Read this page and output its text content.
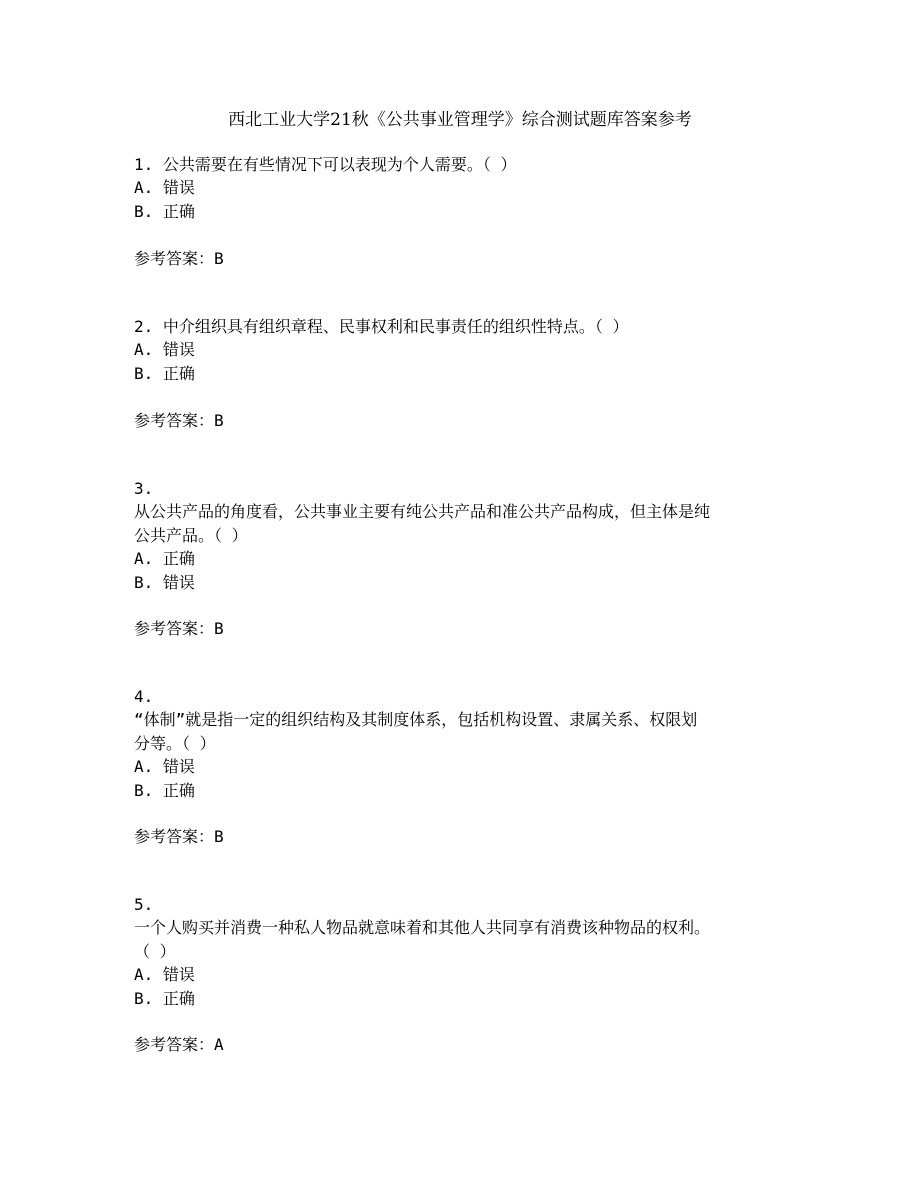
西北工业大学21秋《公共事业管理学》综合测试题库答案参考
1. 公共需要在有些情况下可以表现为个人需要。（ ）
A. 错误
B. 正确
参考答案：B
2. 中介组织具有组织章程、民事权利和民事责任的组织性特点。（ ）
A. 错误
B. 正确
参考答案：B
3.
从公共产品的角度看，公共事业主要有纯公共产品和准公共产品构成，但主体是纯
公共产品。（ ）
A. 正确
B. 错误
参考答案：B
4.
“体制”就是指一定的组织结构及其制度体系，包括机构设置、隶属关系、权限划
分等。（ ）
A. 错误
B. 正确
参考答案：B
5.
一个人购买并消费一种私人物品就意味着和其他人共同享有消费该种物品的权利。
（ ）
A. 错误
B. 正确
参考答案：A
